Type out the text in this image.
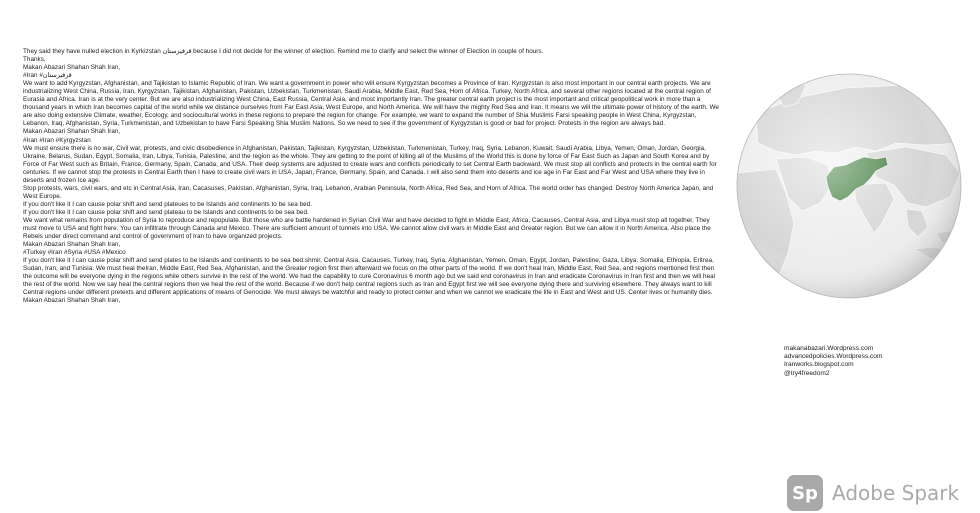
They said they have nulled election in Kyrkizstan قرقیزستان because I did not decide for the winner of election. Remind me to clarify and select the winner of Election in couple of hours.

Thanks,

Makan Abazari Shahan Shah Iran,

#Iran #قرقیزستان

We want to add Kyrgyzstan, Afghanistan, and Tajikistan to Islamic Republic of Iran. We want a government in power who will ensure Kyrgyzstan becomes a Province of Iran. Kyrgyzstan is also most important in our central earth projects. We are industrializing West China, Russia, Iran, Kyrgyzstan, Tajikistan, Afghanistan, Pakistan, Uzbekistan, Turkmenistan, Saudi Arabia, Middle East, Red Sea, Horn of Africa. Turkey, North Africa, and several other regions located at the central region of Eurasia and Africa. Iran is at the very center. But we are also industrializing West China, East Russia, Central Asia, and most importantly Iran. The greater central earth project is the most important and critical geopolitical work in more than a thousand years in which Iran becomes capital of the world while we distance ourselves from Far East Asia, West Europe, and North America. We will have the mighty Red Sea and Iran. It means we will the ultimate power of history of the earth. We are also doing extensive Climate, weather, Ecology, and sociocultural works in these regions to prepare the region for change. For example, we want to expand the number of Shia Muslims Farsi speaking people in West China, Kyrgyzstan, Lebanon, Iraq, Afghanistan, Syria, Turkmenistan, and Uzbekistan to have Farsi Speaking Shia Muslim Nations. So we need to see if the government of Kyrgyzstan is good or bad for project. Protests in the region are always bad.

Makan Abazari Shahan Shah Iran,

#Iran #Iran #Kyrgyzstan

We must ensure there is no war, Civil war, protests, and civic disobedience in Afghanistan, Pakistan, Tajikistan, Kyrgyzstan, Uzbekistan, Turkmenistan, Turkey, Iraq, Syria, Lebanon, Kuwait, Saudi Arabia, Libya, Yemen, Oman, Jordan, Georgia, Ukraine, Belarus, Sudan, Egypt, Somalia, Iran, Libya, Tunisia, Palestine, and the region as the whole. They are getting to the point of killing all of the Muslims of the World this is done by force of Far East Such as Japan and South Korea and by Force of Far West such as Britain, France, Germany, Spain, Canada, and USA. Their deep systems are adjusted to create wars and conflicts periodically to set Central Earth backward. We must stop all conflicts and protects in the central earth for centuries. If we cannot stop the protests in Central Earth then I have to create civil wars in USA, Japan, France, Germany, Spain, and Canada. I will also send them into deserts and ice age in Far East and Far West and USA where they live in deserts and frozen Ice age.

Stop protests, wars, civil wars, and etc in Central Asia, Iran, Cacasuses, Pakistan, Afghanistan, Syria, Iraq, Lebanon, Arabian Peninsula, North Africa, Red Sea, and Horn of Africa. The world order has changed. Destroy North America Japan, and West Europe.

If you don't like it I can cause polar shift and send plateues to be Islands and continents to be sea bed.

If you don't like it I can cause polar shift and send plateau to be Islands and continents to be sea bed.

We want what remains from population of Syria to reproduce and repopulate. But those who are battle hardened in Syrian Civil War and have decided to fight in Middle East, Africa, Cacauses, Central Asia, and Libya must stop all together. They must move to USA and fight here. You can infiltrate through Canada and Mexico. There are sufficient amount of tunnels into USA. We cannot allow civil wars in Middle East and Greater region. But we can allow it in North America. Also place the Rebels under direct command and control of government of Iran to have organized projects.

Makan Abazari Shahan Shah Iran,

#Turkey #Iran #Syria #USA #Mexico

If you don't like it I can cause polar shift and send plates to be Islands and continents to be sea bed.shmir, Central Asia, Cacauses, Turkey, Iraq, Syria, Afghanistan, Yemen, Oman, Egypt, Jordan, Palestine, Gaza, Libya. Somalia, Ethiopia, Eritrea, Sudan, Iran, and Tunisia. We must heal theIran, Middle East, Red Sea, Afghanistan, and the Greater region first then afterward we focus on the other parts of the world. If we don't heal Iran, Middle East, Red Sea, and regions mentioned first then the outcome will be everyone dying in the regions while others survive in the rest of the world. We had the capability to cure Coronavirus 6 month ago but we said end coronavirus in Iran and eradicate Coronavirus in Iran first and then we will heal the rest of the world. Now we say heal the central regions then we heal the rest of the world. Because if we don't help central regions such as Iran and Egypt first we will see everyone dying there and surviving elsewhere. They always want to kill Central regions under different pretexts and different applications of means of Genocide. We must always be watchful and ready to protect center and when we cannot we eradicate the life in East and West and US. Center lives or humanity dies.

Makan Abazari Shahan Shah Iran,

makanabazari.Wordpress.com
advancedpolicies.Wordpress.com
Iranworks.blogspot.com
@try4freedom2
Sp Adobe Spark
